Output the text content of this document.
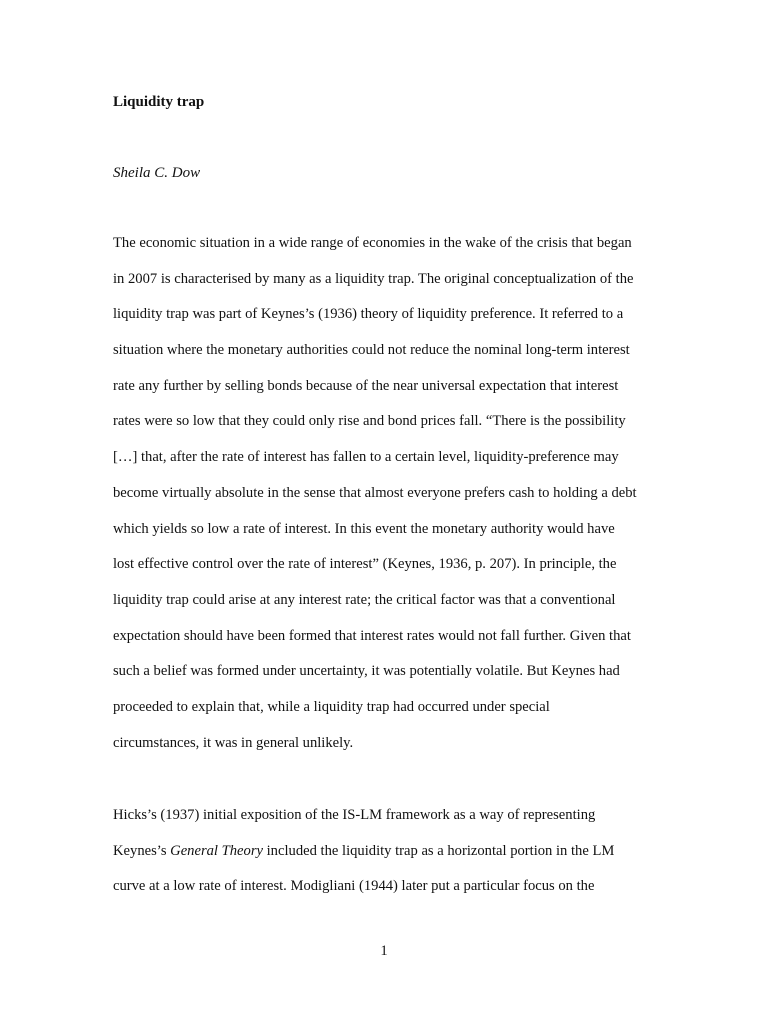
Liquidity trap
Sheila C. Dow
The economic situation in a wide range of economies in the wake of the crisis that began
in 2007 is characterised by many as a liquidity trap. The original conceptualization of the
liquidity trap was part of Keynes’s (1936) theory of liquidity preference. It referred to a
situation where the monetary authorities could not reduce the nominal long-term interest
rate any further by selling bonds because of the near universal expectation that interest
rates were so low that they could only rise and bond prices fall. “There is the possibility
[…] that, after the rate of interest has fallen to a certain level, liquidity-preference may
become virtually absolute in the sense that almost everyone prefers cash to holding a debt
which yields so low a rate of interest. In this event the monetary authority would have
lost effective control over the rate of interest” (Keynes, 1936, p. 207). In principle, the
liquidity trap could arise at any interest rate; the critical factor was that a conventional
expectation should have been formed that interest rates would not fall further. Given that
such a belief was formed under uncertainty, it was potentially volatile. But Keynes had
proceeded to explain that, while a liquidity trap had occurred under special
circumstances, it was in general unlikely.
Hicks’s (1937) initial exposition of the IS-LM framework as a way of representing
Keynes’s General Theory included the liquidity trap as a horizontal portion in the LM
curve at a low rate of interest. Modigliani (1944) later put a particular focus on the
1
